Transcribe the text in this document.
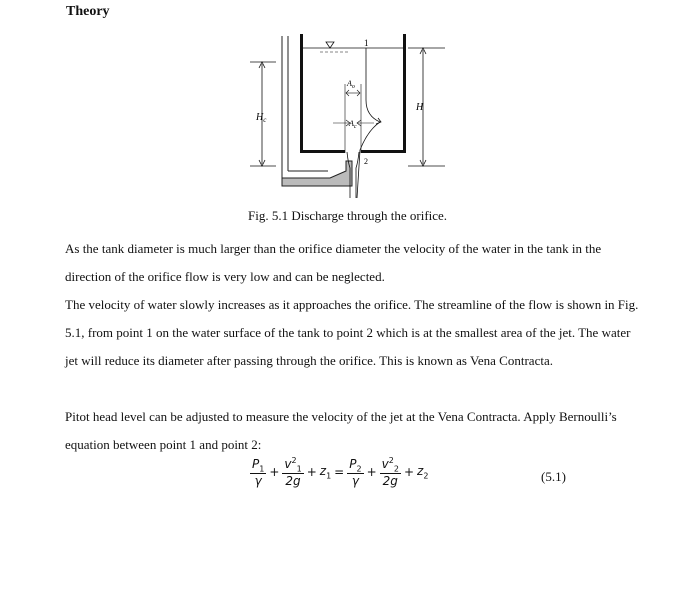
Theory
$H_c$
H
1
$A_o$
$A_c$
2
Fig. 5.1 Discharge through the orifice.

As the tank diameter is much larger than the orifice diameter the velocity of the water in the tank in the direction of the orifice flow is very low and can be neglected.

The velocity of water slowly increases as it approaches the orifice. The streamline of the flow is shown in Fig. 5.1, from point 1 on the water surface of the tank to point 2 which is at the smallest area of the jet. The water jet will reduce its diameter after passing through the orifice. This is known as Vena Contracta.

Pitot head level can be adjusted to measure the velocity of the jet at the Vena Contracta. Apply Bernoulli’s equation between point 1 and point 2:

$\frac{P_1}{\gamma} + \frac{v^2_1}{2g} + z_1 = \frac{P_2}{\gamma} + \frac{v^2_2}{2g} + z_2$	(5.1)
